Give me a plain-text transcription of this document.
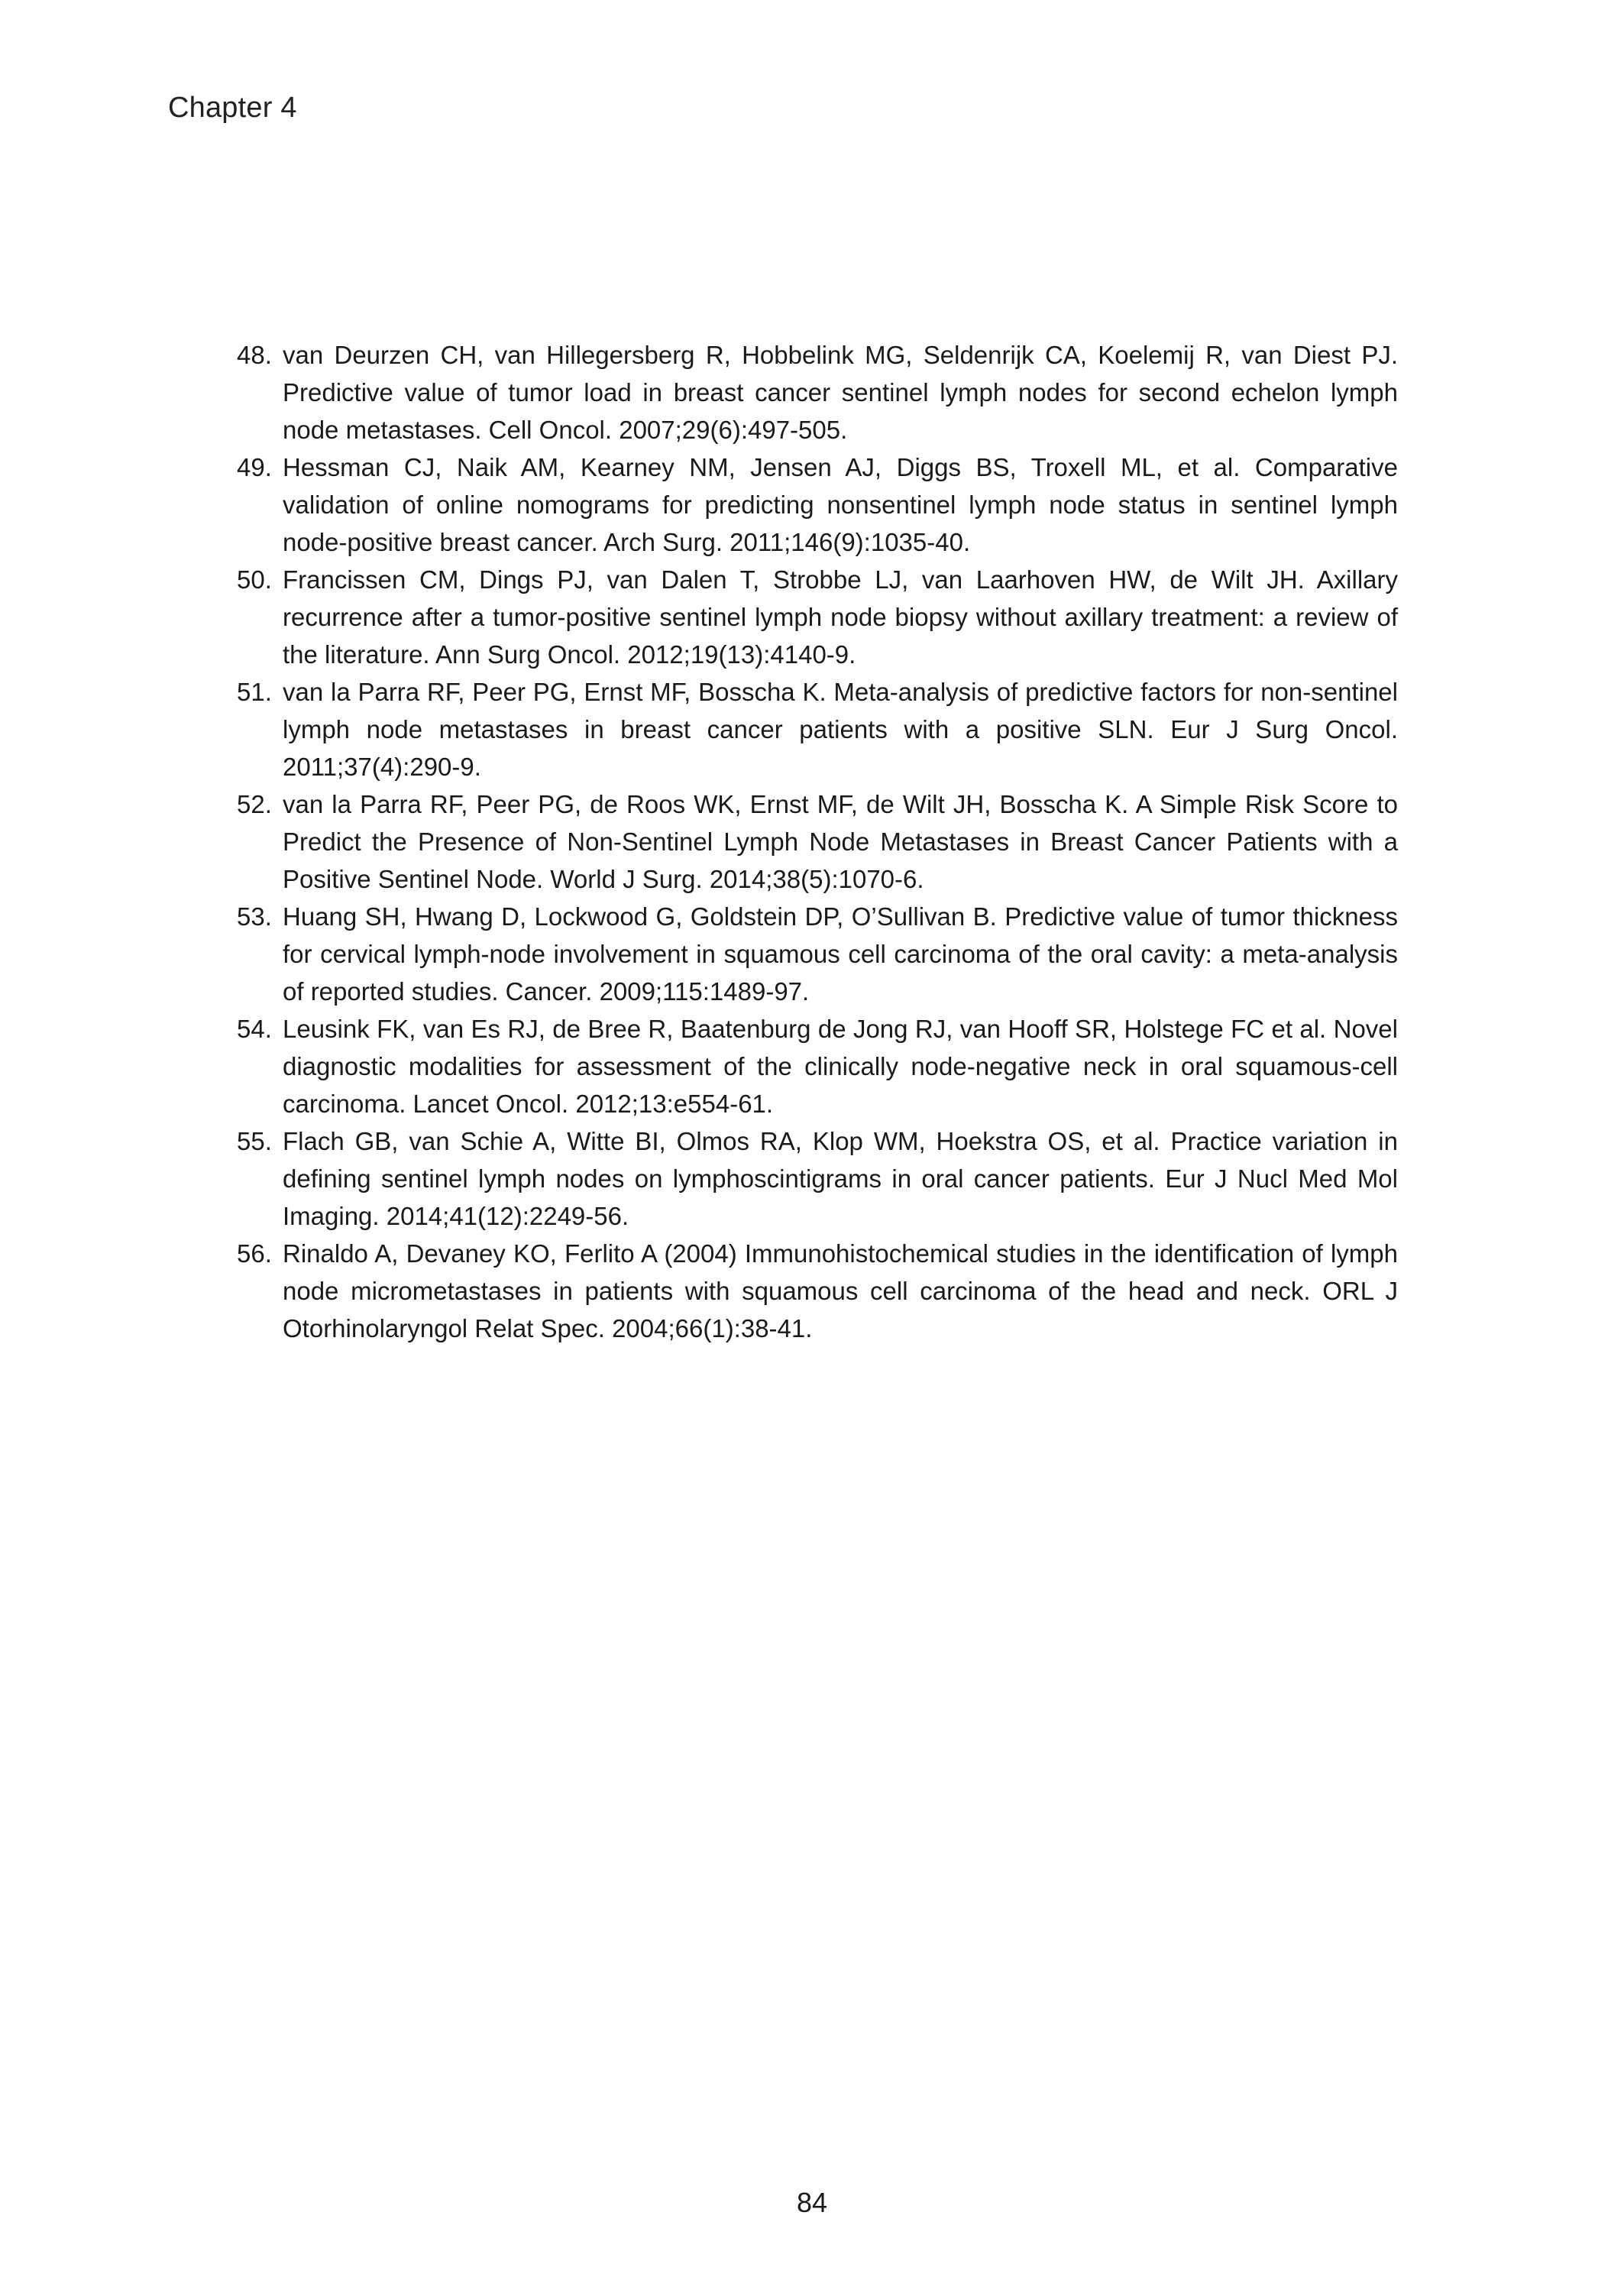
Chapter 4
48. van Deurzen CH, van Hillegersberg R, Hobbelink MG, Seldenrijk CA, Koelemij R, van Diest PJ. Predictive value of tumor load in breast cancer sentinel lymph nodes for second echelon lymph node metastases. Cell Oncol. 2007;29(6):497-505.
49. Hessman CJ, Naik AM, Kearney NM, Jensen AJ, Diggs BS, Troxell ML, et al. Comparative validation of online nomograms for predicting nonsentinel lymph node status in sentinel lymph node-positive breast cancer. Arch Surg. 2011;146(9):1035-40.
50. Francissen CM, Dings PJ, van Dalen T, Strobbe LJ, van Laarhoven HW, de Wilt JH. Axillary recurrence after a tumor-positive sentinel lymph node biopsy without axillary treatment: a review of the literature. Ann Surg Oncol. 2012;19(13):4140-9.
51. van la Parra RF, Peer PG, Ernst MF, Bosscha K. Meta-analysis of predictive factors for non-sentinel lymph node metastases in breast cancer patients with a positive SLN. Eur J Surg Oncol. 2011;37(4):290-9.
52. van la Parra RF, Peer PG, de Roos WK, Ernst MF, de Wilt JH, Bosscha K. A Simple Risk Score to Predict the Presence of Non-Sentinel Lymph Node Metastases in Breast Cancer Patients with a Positive Sentinel Node. World J Surg. 2014;38(5):1070-6.
53. Huang SH, Hwang D, Lockwood G, Goldstein DP, O’Sullivan B. Predictive value of tumor thickness for cervical lymph-node involvement in squamous cell carcinoma of the oral cavity: a meta-analysis of reported studies. Cancer. 2009;115:1489-97.
54. Leusink FK, van Es RJ, de Bree R, Baatenburg de Jong RJ, van Hooff SR, Holstege FC et al. Novel diagnostic modalities for assessment of the clinically node-negative neck in oral squamous-cell carcinoma. Lancet Oncol. 2012;13:e554-61.
55. Flach GB, van Schie A, Witte BI, Olmos RA, Klop WM, Hoekstra OS, et al. Practice variation in defining sentinel lymph nodes on lymphoscintigrams in oral cancer patients. Eur J Nucl Med Mol Imaging. 2014;41(12):2249-56.
56. Rinaldo A, Devaney KO, Ferlito A (2004) Immunohistochemical studies in the identification of lymph node micrometastases in patients with squamous cell carcinoma of the head and neck. ORL J Otorhinolaryngol Relat Spec. 2004;66(1):38-41.
84
